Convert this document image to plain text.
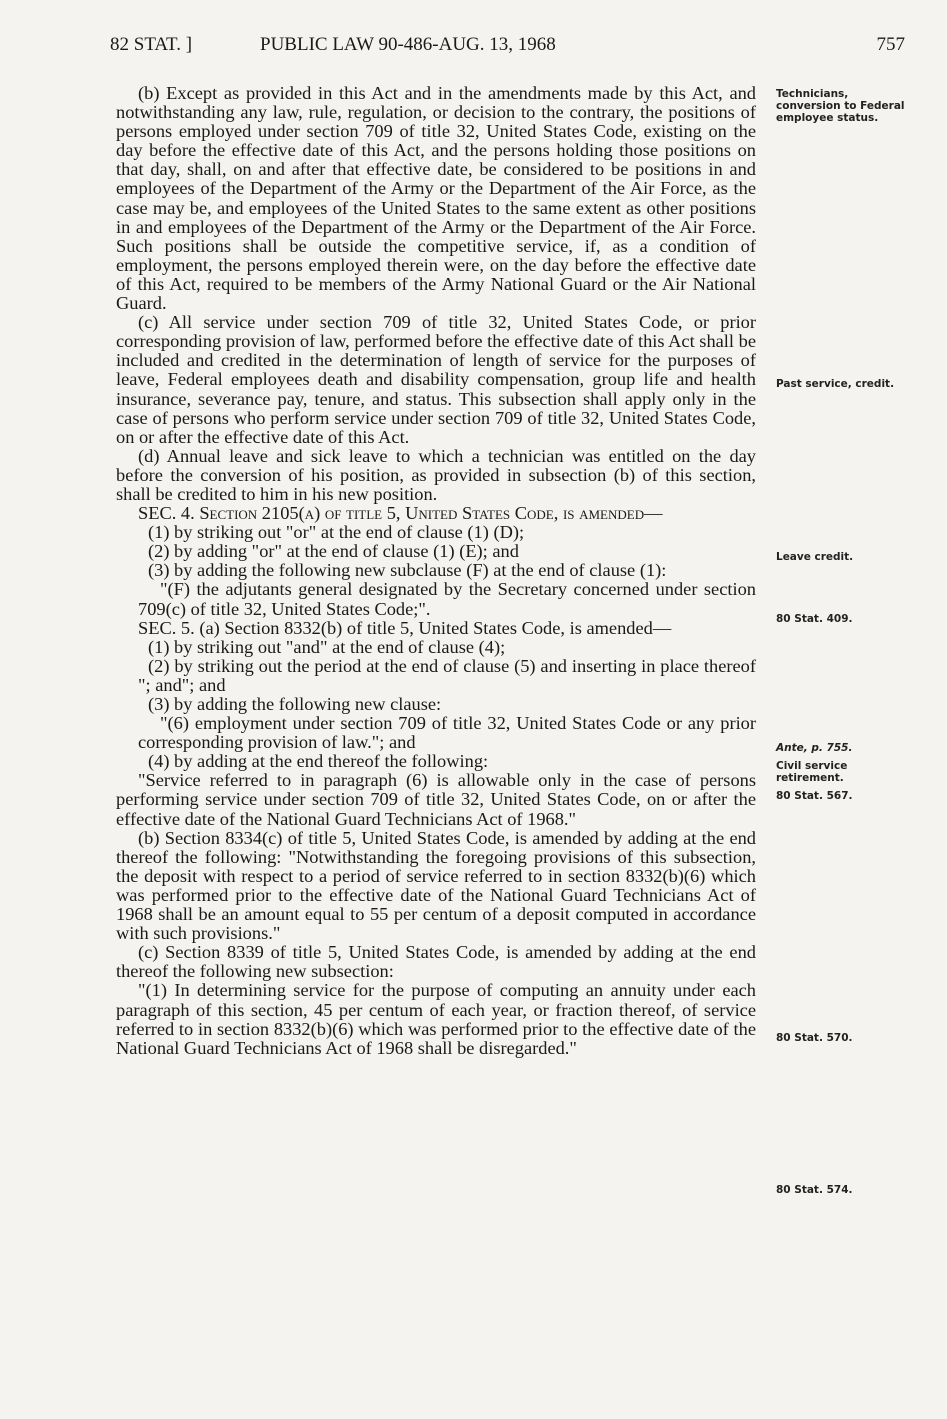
82 STAT. ]	PUBLIC LAW 90-486-AUG. 13, 1968	757

(b) Except as provided in this Act and in the amendments made by this Act, and notwithstanding any law, rule, regulation, or decision to the contrary, the positions of persons employed under section 709 of title 32, United States Code, existing on the day before the effective date of this Act, and the persons holding those positions on that day, shall, on and after that effective date, be considered to be positions in and employees of the Department of the Army or the Department of the Air Force, as the case may be, and employees of the United States to the same extent as other positions in and employees of the Department of the Army or the Department of the Air Force. Such positions shall be outside the competitive service, if, as a condition of employment, the persons employed therein were, on the day before the effective date of this Act, required to be members of the Army National Guard or the Air National Guard.

(c) All service under section 709 of title 32, United States Code, or prior corresponding provision of law, performed before the effective date of this Act shall be included and credited in the determination of length of service for the purposes of leave, Federal employees death and disability compensation, group life and health insurance, severance pay, tenure, and status. This subsection shall apply only in the case of persons who perform service under section 709 of title 32, United States Code, on or after the effective date of this Act.

(d) Annual leave and sick leave to which a technician was entitled on the day before the conversion of his position, as provided in subsection (b) of this section, shall be credited to him in his new position.

SEC. 4. Section 2105(a) of title 5, United States Code, is amended—

(1) by striking out "or" at the end of clause (1) (D);

(2) by adding "or" at the end of clause (1) (E); and

(3) by adding the following new subclause (F) at the end of clause (1):

"(F) the adjutants general designated by the Secretary concerned under section 709(c) of title 32, United States Code;".

SEC. 5. (a) Section 8332(b) of title 5, United States Code, is amended—

(1) by striking out "and" at the end of clause (4);

(2) by striking out the period at the end of clause (5) and inserting in place thereof "; and"; and

(3) by adding the following new clause:

"(6) employment under section 709 of title 32, United States Code or any prior corresponding provision of law."; and

(4) by adding at the end thereof the following:

"Service referred to in paragraph (6) is allowable only in the case of persons performing service under section 709 of title 32, United States Code, on or after the effective date of the National Guard Technicians Act of 1968."

(b) Section 8334(c) of title 5, United States Code, is amended by adding at the end thereof the following: "Notwithstanding the foregoing provisions of this subsection, the deposit with respect to a period of service referred to in section 8332(b)(6) which was performed prior to the effective date of the National Guard Technicians Act of 1968 shall be an amount equal to 55 per centum of a deposit computed in accordance with such provisions."

(c) Section 8339 of title 5, United States Code, is amended by adding at the end thereof the following new subsection:

"(1) In determining service for the purpose of computing an annuity under each paragraph of this section, 45 per centum of each year, or fraction thereof, of service referred to in section 8332(b)(6) which was performed prior to the effective date of the National Guard Technicians Act of 1968 shall be disregarded."

Technicians, conversion to Federal employee status.
Past service, credit.
Leave credit.
80 Stat. 409.
Ante, p. 755.
Civil service retirement.
80 Stat. 567.
80 Stat. 570.
80 Stat. 574.
